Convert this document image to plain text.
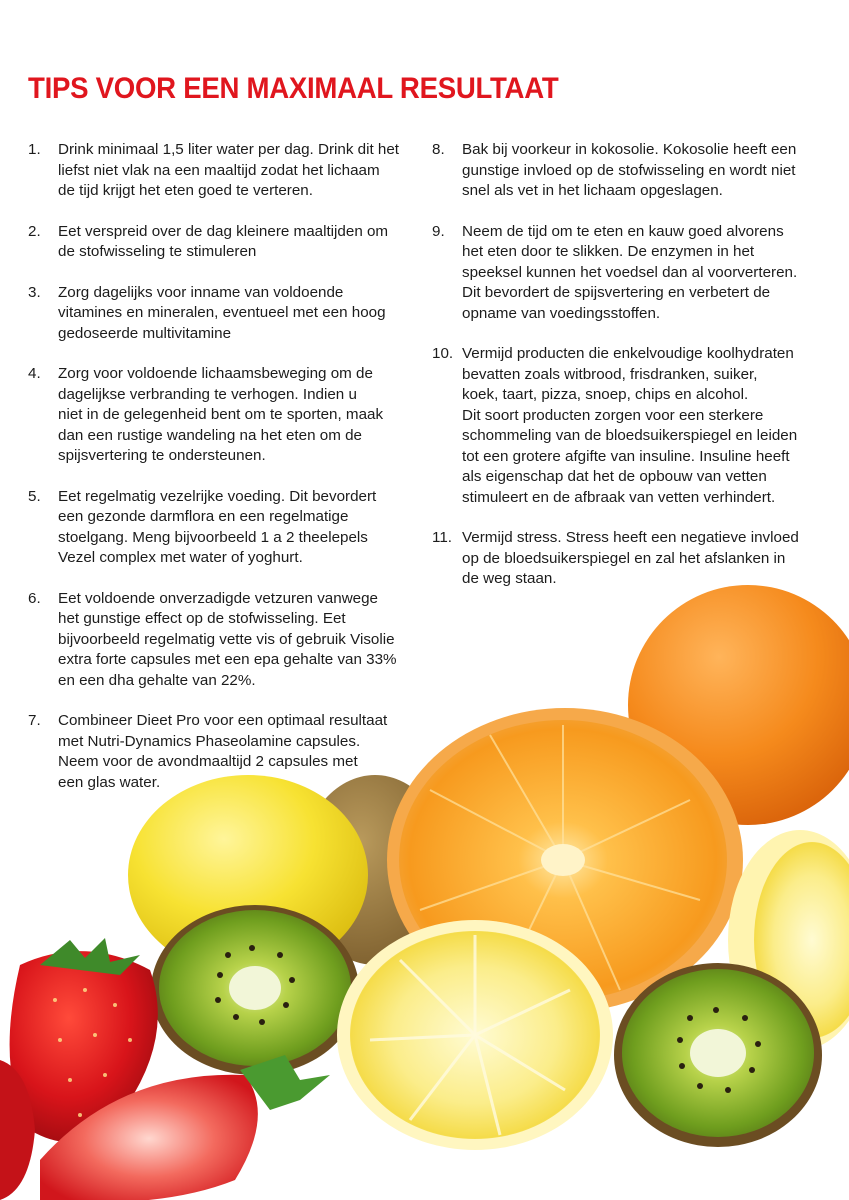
TIPS VOOR EEN MAXIMAAL RESULTAAT
1. Drink minimaal 1,5 liter water per dag. Drink dit het
liefst niet vlak na een maaltijd zodat het lichaam
de tijd krijgt het eten goed te verteren.
2. Eet verspreid over de dag kleinere maaltijden om
de stofwisseling te stimuleren
3. Zorg dagelijks voor inname van voldoende
vitamines en mineralen, eventueel met een hoog
gedoseerde multivitamine
4. Zorg voor voldoende lichaamsbeweging om de
dagelijkse verbranding te verhogen. Indien u
niet in de gelegenheid bent om te sporten, maak
dan een rustige wandeling na het eten om de
spijsvertering te ondersteunen.
5. Eet regelmatig vezelrijke voeding. Dit bevordert
een gezonde darmflora en een regelmatige
stoelgang. Meng bijvoorbeeld 1 a 2 theelepels
Vezel complex met water of yoghurt.
6. Eet voldoende onverzadigde vetzuren vanwege
het gunstige effect op de stofwisseling. Eet
bijvoorbeeld regelmatig vette vis of gebruik Visolie
extra forte capsules met een epa gehalte van 33%
en een dha gehalte van 22%.
7. Combineer Dieet Pro voor een optimaal resultaat
met Nutri-Dynamics Phaseolamine capsules.
Neem voor de avondmaaltijd 2 capsules met
een glas water.
8. Bak bij voorkeur in kokosolie. Kokosolie heeft een
gunstige invloed op de stofwisseling en wordt niet
snel als vet in het lichaam opgeslagen.
9. Neem de tijd om te eten en kauw goed alvorens
het eten door te slikken. De enzymen in het
speeksel kunnen het voedsel dan al voorverteren.
Dit bevordert de spijsvertering en verbetert de
opname van voedingsstoffen.
10. Vermijd producten die enkelvoudige koolhydraten
bevatten zoals witbrood, frisdranken, suiker,
koek, taart, pizza, snoep, chips en alcohol.
Dit soort producten zorgen voor een sterkere
schommeling van de bloedsuikerspiegel en leiden
tot een grotere afgifte van insuline. Insuline heeft
als eigenschap dat het de opbouw van vetten
stimuleert en de afbraak van vetten verhindert.
11. Vermijd stress. Stress heeft een negatieve invloed
op de bloedsuikerspiegel en zal het afslanken in
de weg staan.
